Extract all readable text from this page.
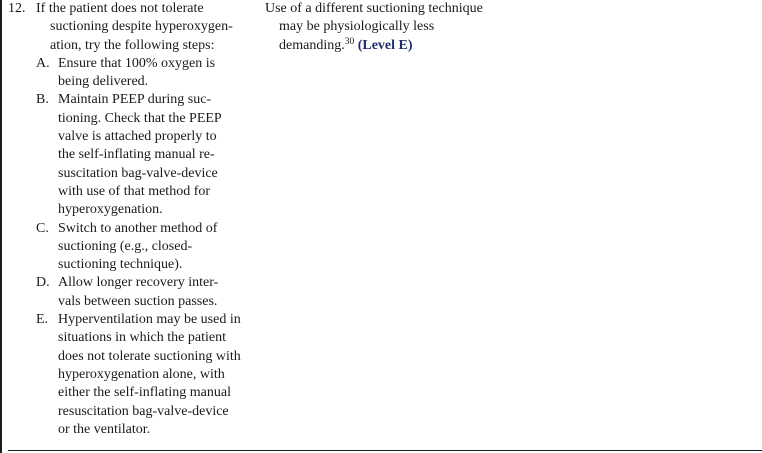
12. If the patient does not tolerate
suctioning despite hyperoxygen-
ation, try the following steps:
A. Ensure that 100% oxygen is
being delivered.
B. Maintain PEEP during suc-
tioning. Check that the PEEP
valve is attached properly to
the self-inflating manual re-
suscitation bag-valve-device
with use of that method for
hyperoxygenation.
C. Switch to another method of
suctioning (e.g., closed-
suctioning technique).
D. Allow longer recovery inter-
vals between suction passes.
E. Hyperventilation may be used in
situations in which the patient
does not tolerate suctioning with
hyperoxygenation alone, with
either the self-inflating manual
resuscitation bag-valve-device
or the ventilator.
Use of a different suctioning technique
may be physiologically less
demanding.$^{30}$ (Level E)
